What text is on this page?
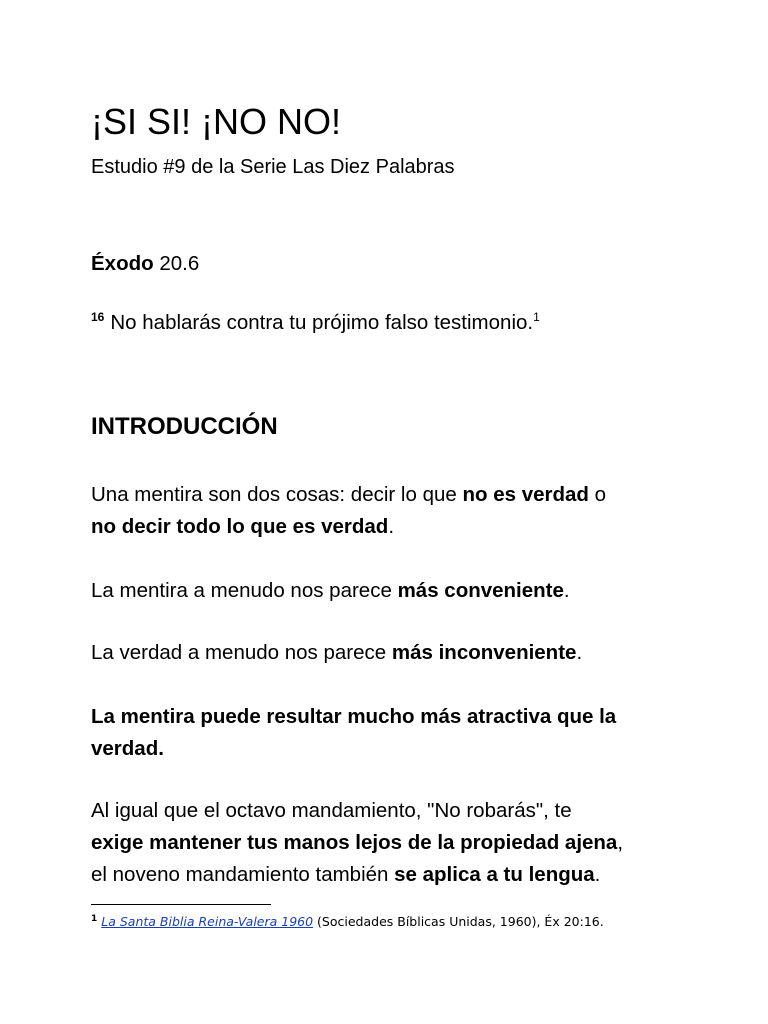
¡SI SI! ¡NO NO!
Estudio #9 de la Serie Las Diez Palabras
Éxodo 20.6
$^{16}$ No hablarás contra tu prójimo falso testimonio.$^1$
INTRODUCCIÓN
Una mentira son dos cosas: decir lo que no es verdad o
no decir todo lo que es verdad.
La mentira a menudo nos parece más conveniente.
La verdad a menudo nos parece más inconveniente.
La mentira puede resultar mucho más atractiva que la
verdad.
Al igual que el octavo mandamiento, "No robarás", te
exige mantener tus manos lejos de la propiedad ajena,
el noveno mandamiento también se aplica a tu lengua.
$^1$ La Santa Biblia Reina-Valera 1960 (Sociedades Bíblicas Unidas, 1960), Éx 20:16.
